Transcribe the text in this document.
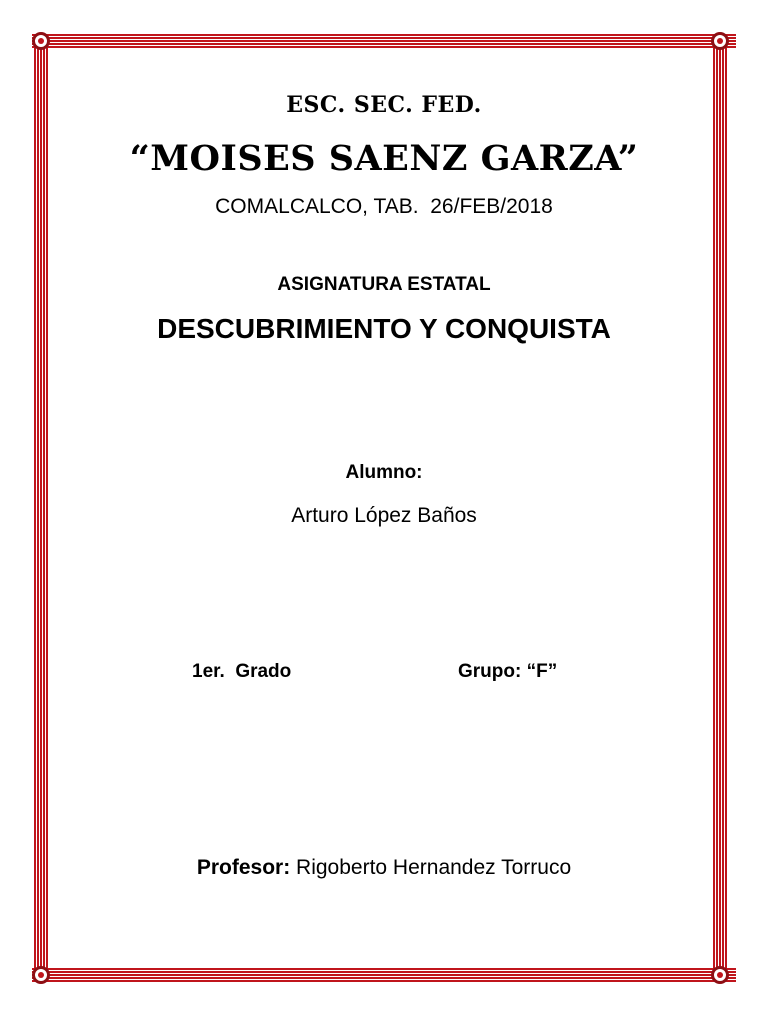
ESC. SEC. FED.
“MOISES SAENZ GARZA”
COMALCALCO, TAB.  26/FEB/2018
ASIGNATURA ESTATAL
DESCUBRIMIENTO Y CONQUISTA
Alumno:
Arturo López Baños
1er.  Grado	Grupo: “F”
Profesor: Rigoberto Hernandez Torruco
